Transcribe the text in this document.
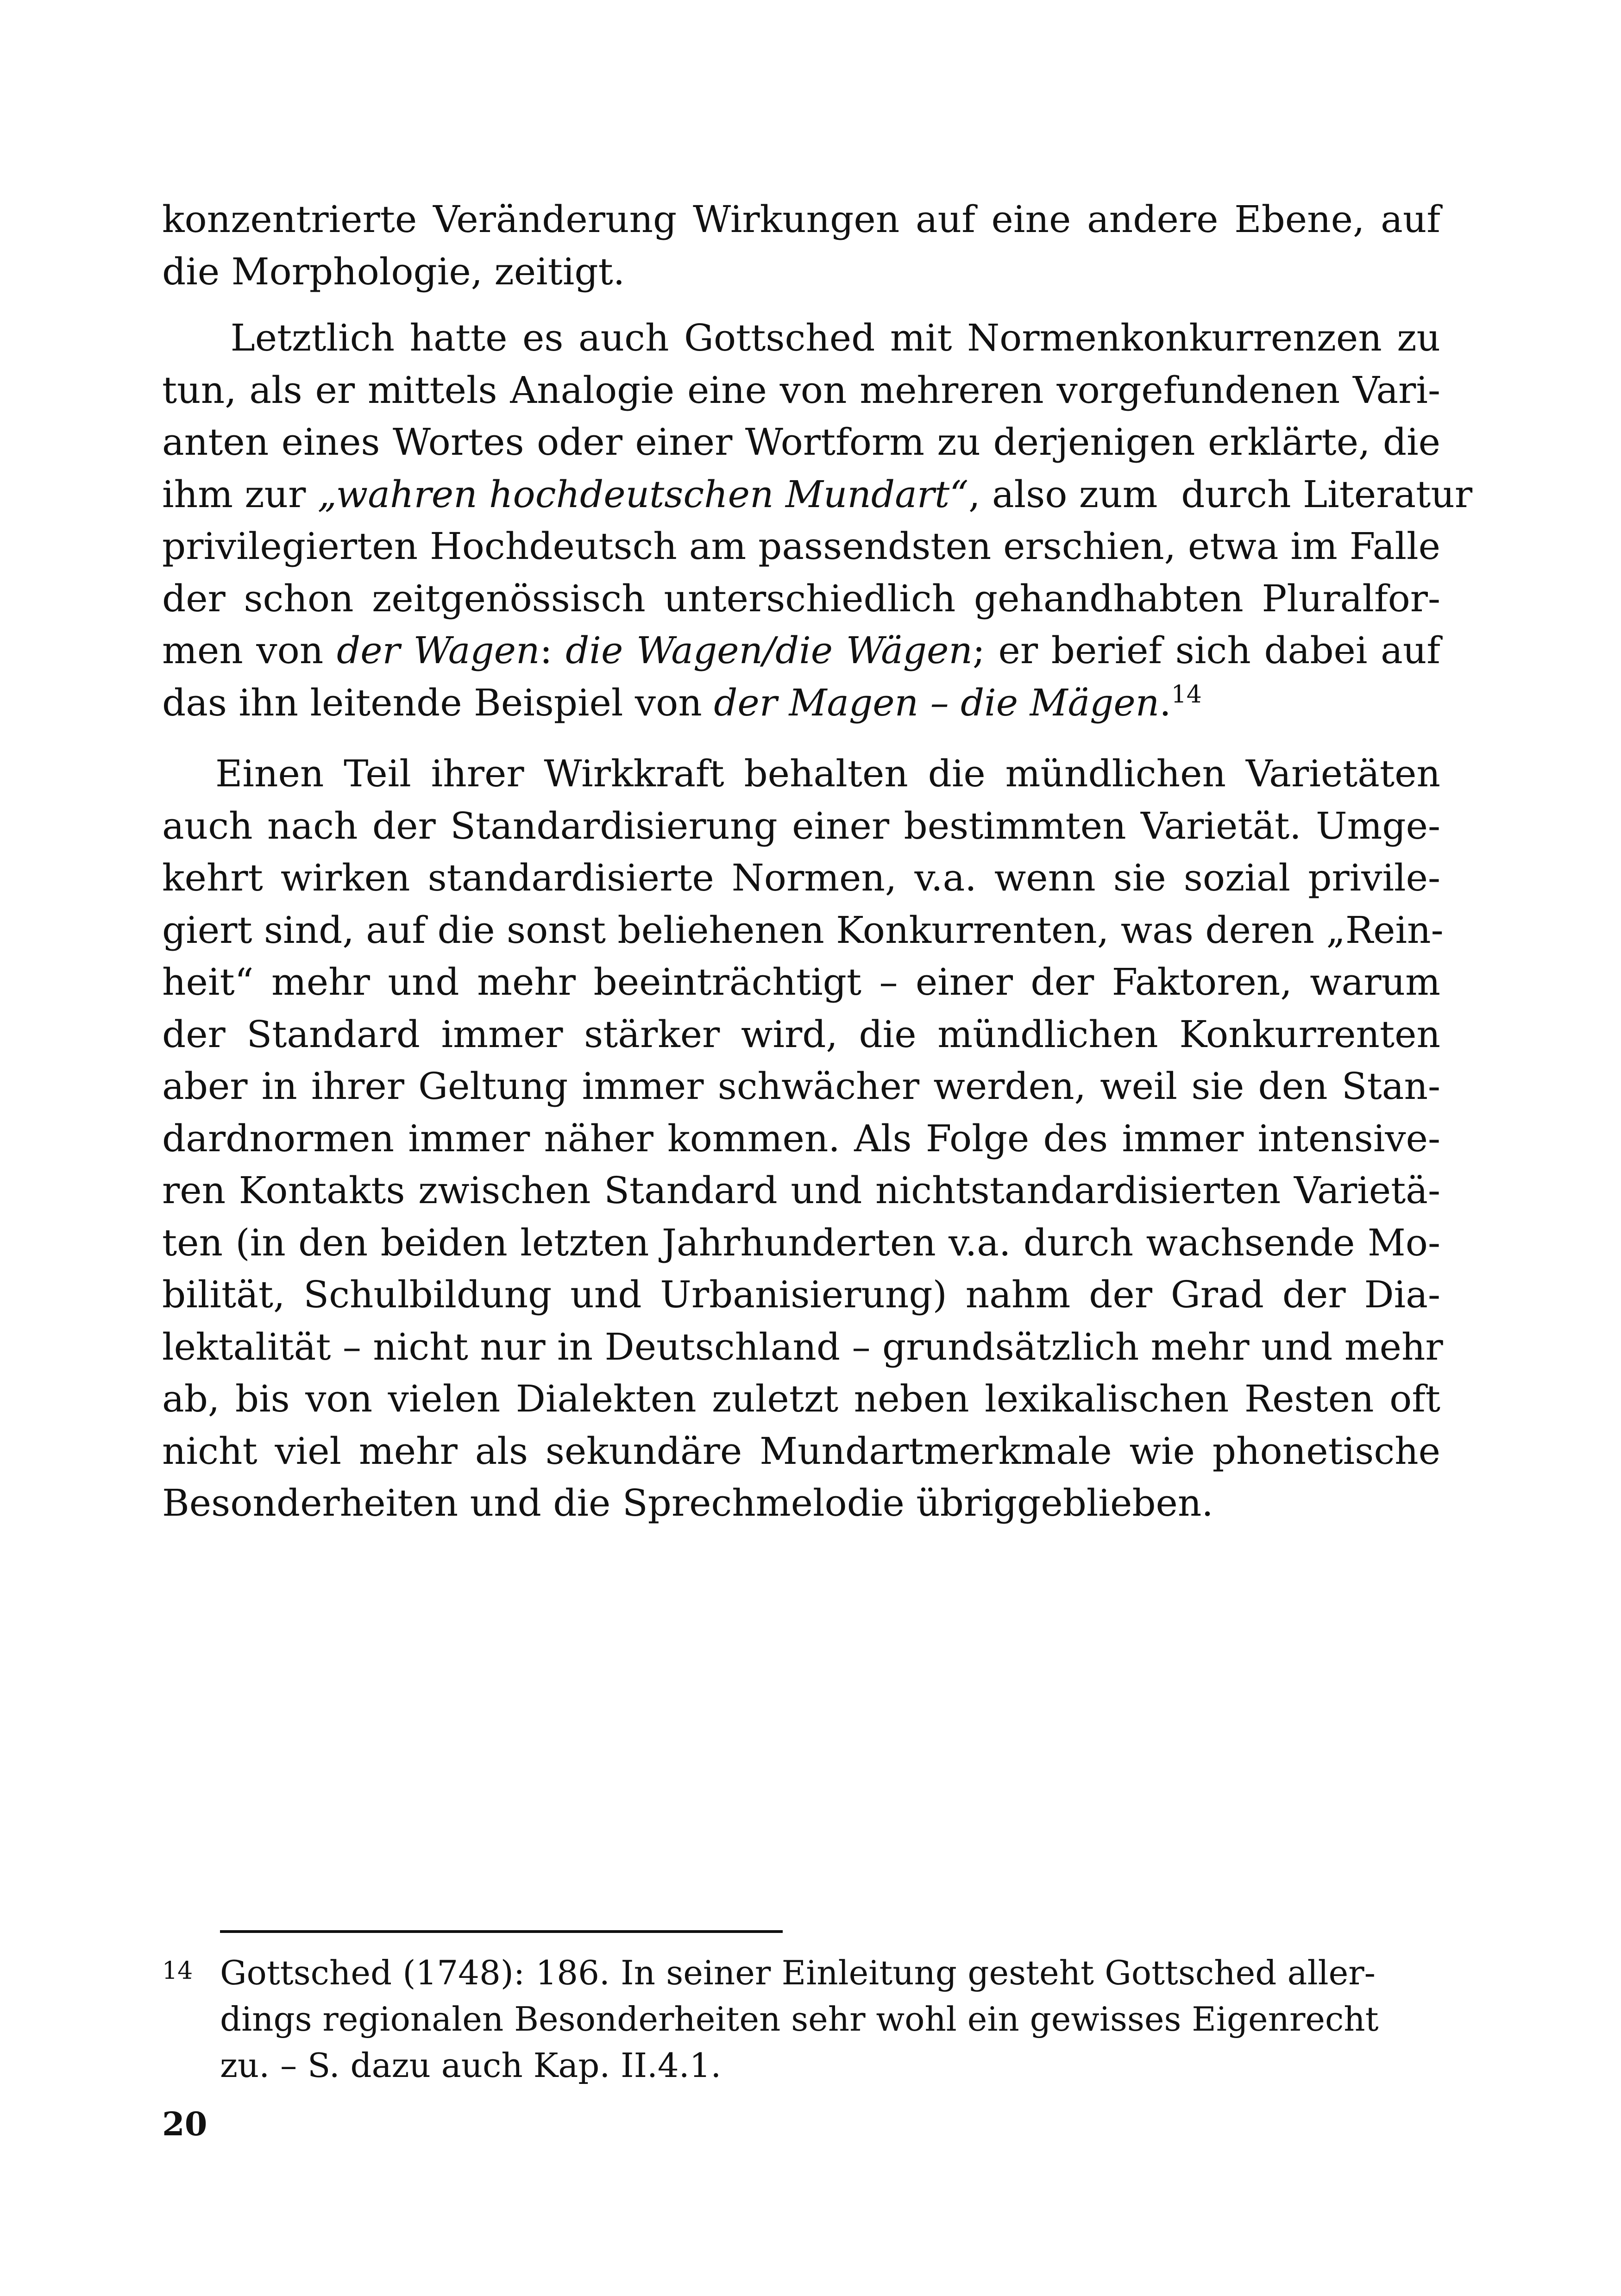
konzentrierte Veränderung Wirkungen auf eine andere Ebene, auf
die Morphologie, zeitigt.

Letztlich hatte es auch Gottsched mit Normenkonkurrenzen zu
tun, als er mittels Analogie eine von mehreren vorgefundenen Vari-
anten eines Wortes oder einer Wortform zu derjenigen erklärte, die
ihm zur „wahren hochdeutschen Mundart“, also zum  durch Literatur
privilegierten Hochdeutsch am passendsten erschien, etwa im Falle
der schon zeitgenössisch unterschiedlich gehandhabten Pluralfor-
men von der Wagen: die Wagen/die Wägen; er berief sich dabei auf
das ihn leitende Beispiel von der Magen – die Mägen.$^{14}$

Einen Teil ihrer Wirkkraft behalten die mündlichen Varietäten
auch nach der Standardisierung einer bestimmten Varietät. Umge-
kehrt wirken standardisierte Normen, v.a. wenn sie sozial privile-
giert sind, auf die sonst beliehenen Konkurrenten, was deren „Rein-
heit“ mehr und mehr beeinträchtigt – einer der Faktoren, warum
der Standard immer stärker wird, die mündlichen Konkurrenten
aber in ihrer Geltung immer schwächer werden, weil sie den Stan-
dardnormen immer näher kommen. Als Folge des immer intensive-
ren Kontakts zwischen Standard und nichtstandardisierten Varietä-
ten (in den beiden letzten Jahrhunderten v.a. durch wachsende Mo-
bilität, Schulbildung und Urbanisierung) nahm der Grad der Dia-
lektalität – nicht nur in Deutschland – grundsätzlich mehr und mehr
ab, bis von vielen Dialekten zuletzt neben lexikalischen Resten oft
nicht viel mehr als sekundäre Mundartmerkmale wie phonetische
Besonderheiten und die Sprechmelodie übriggeblieben.

14 Gottsched (1748): 186. In seiner Einleitung gesteht Gottsched aller-
dings regionalen Besonderheiten sehr wohl ein gewisses Eigenrecht
zu. – S. dazu auch Kap. II.4.1.
20
